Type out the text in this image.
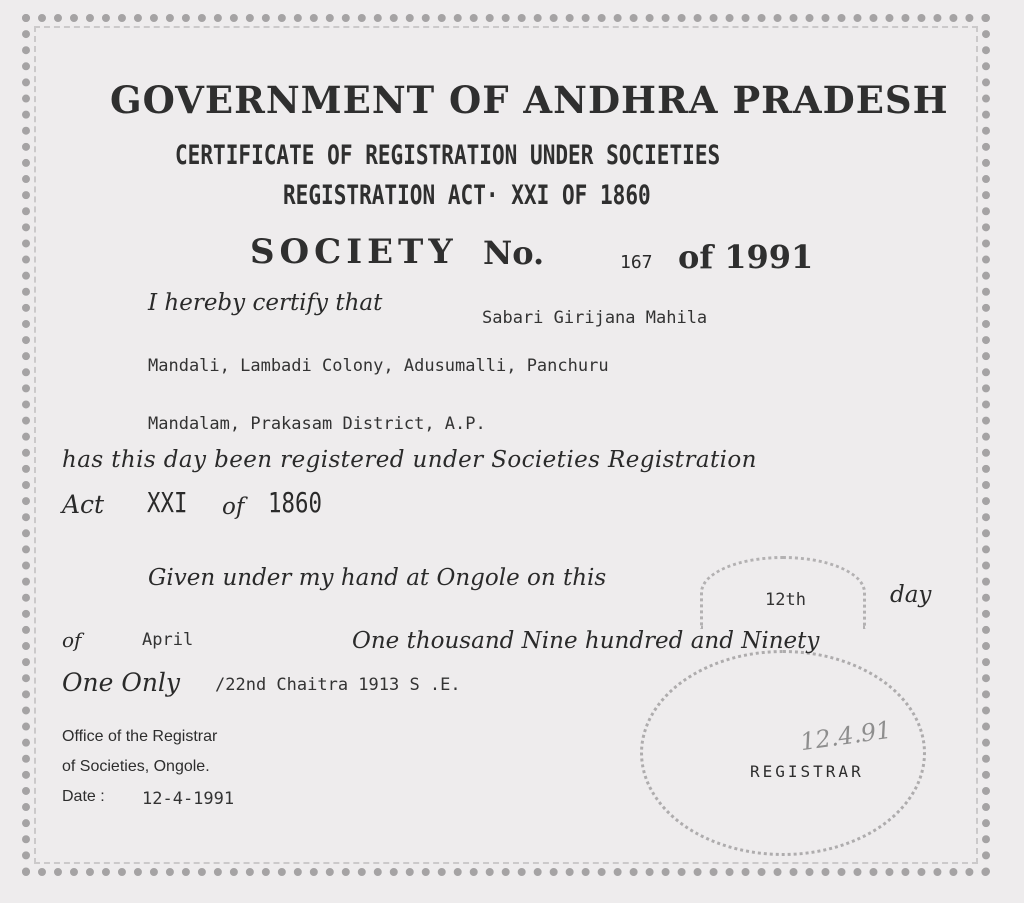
12.4.91
GOVERNMENT OF ANDHRA PRADESH
CERTIFICATE OF REGISTRATION UNDER SOCIETIES
REGISTRATION ACT· XXI OF 1860
SOCIETY No.	167 of 1991
I hereby certify that
Sabari Girijana Mahila
Mandali, Lambadi Colony, Adusumalli, Panchuru
Mandalam, Prakasam District, A.P.
has this day been registered under Societies Registration
Act XXI of 1860
Given under my hand at Ongole on this
12th	day
of	April	One thousand Nine hundred and Ninety
One Only /22nd Chaitra 1913 S .E.
Office of the Registrar
of Societies, Ongole.
Date : 12-4-1991
REGISTRAR
